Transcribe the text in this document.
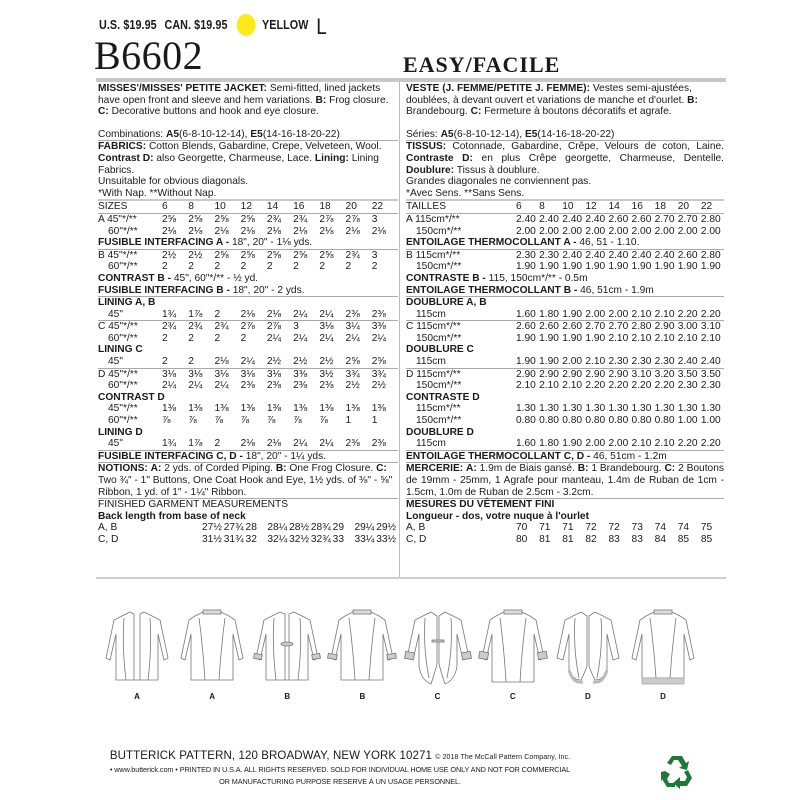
U.S. $19.95 CAN. $19.95	YELLOW L
B6602	EASY/FACILE

MISSES'/MISSES' PETITE JACKET: Semi-fitted, lined jackets have open front and sleeve and hem variations. B: Frog closure. C: Decorative buttons and hook and eye closure.

Combinations: A5(6-8-10-12-14), E5(14-16-18-20-22)

FABRICS: Cotton Blends, Gabardine, Crepe, Velveteen, Wool. Contrast D: also Georgette, Charmeuse, Lace. Lining: Lining Fabrics.

Unsuitable for obvious diagonals.

*With Nap. **Without Nap.

SIZES	6	8	10	12	14	16	18	20	22
A 45"*/**	2⅝	2⅝	2⅝	2⅝	2¾	2¾	2⅞	2⅞	3
60"*/**	2⅛	2⅛	2⅛	2⅛	2⅛	2⅛	2⅛	2⅛	2⅛

FUSIBLE INTERFACING A - 18", 20" - 1⅛ yds.

B 45"*/**	2½	2½	2⅝	2⅝	2⅝	2⅝	2⅝	2¾	3
60"*/**	2	2	2	2	2	2	2	2	2

CONTRAST B - 45", 60"*/** - ½ yd.

FUSIBLE INTERFACING B - 18", 20" - 2 yds.

LINING A, B

45"	1¾	1⅞	2	2⅛	2⅛	2¼	2¼	2⅜	2⅜
C 45"*/**	2¾	2¾	2¾	2⅞	2⅞	3	3⅛	3¼	3⅜
60"*/**	2	2	2	2	2¼	2¼	2¼	2¼	2¼

LINING C

45"	2	2	2⅛	2¼	2½	2½	2½	2⅝	2⅝
D 45"*/**	3⅛	3⅛	3⅛	3⅛	3⅛	3⅜	3½	3¾	3¾
60"*/**	2¼	2¼	2¼	2⅜	2⅜	2⅜	2⅜	2½	2½

CONTRAST D

45"*/**	1⅜	1⅜	1⅜	1⅜	1⅜	1⅜	1⅜	1⅜	1⅜
60"*/**	⅞	⅞	⅞	⅞	⅞	⅞	⅞	1	1

LINING D

45"	1¾	1⅞	2	2⅛	2⅛	2¼	2¼	2⅜	2⅜

FUSIBLE INTERFACING C, D - 18", 20" - 1¼ yds.

NOTIONS: A: 2 yds. of Corded Piping. B: One Frog Closure. C: Two ¾" - 1" Buttons, One Coat Hook and Eye, 1½ yds. of ⅜" - ⅝" Ribbon, 1 yd. of 1" - 1¼" Ribbon.

FINISHED GARMENT MEASUREMENTS

Back length from base of neck

A, B	27½ 27¾ 28	28¼ 28½ 28¾ 29	29¼ 29½
C, D	31½ 31¾ 32	32¼ 32½ 32¾ 33	33¼ 33½

VESTE (J. FEMME/PETITE J. FEMME): Vestes semi-ajustées, doublées, à devant ouvert et variations de manche et d'ourlet. B: Brandebourg. C: Fermeture à boutons décoratifs et agrafe.

Séries: A5(6-8-10-12-14), E5(14-16-18-20-22)

TISSUS: Cotonnade, Gabardine, Crêpe, Velours de coton, Laine. Contraste D: en plus Crêpe georgette, Charmeuse, Dentelle. Doublure: Tissus à doublure.

Grandes diagonales ne conviennent pas.

*Avec Sens. **Sans Sens.

TAILLES	6	8	10	12	14	16	18	20	22
A 115cm*/**	2.40 2.40 2.40 2.40 2.60 2.60 2.70 2.70 2.80
150cm*/**	2.00 2.00 2.00 2.00 2.00 2.00 2.00 2.00 2.00

ENTOILAGE THERMOCOLLANT A - 46, 51 - 1.10.

B 115cm*/**	2.30 2.30 2.40 2.40 2.40 2.40 2.40 2.60 2.80
150cm*/**	1.90 1.90 1.90 1.90 1.90 1.90 1.90 1.90 1.90

CONTRASTE B - 115, 150cm*/** - 0.5m

ENTOILAGE THERMOCOLLANT B - 46, 51cm - 1.9m

DOUBLURE A, B

115cm	1.60 1.80 1.90 2.00 2.00 2.10 2.10 2.20 2.20
C 115cm*/**	2.60 2.60 2.60 2.70 2.70 2.80 2.90 3.00 3.10
150cm*/**	1.90 1.90 1.90 1.90 2.10 2.10 2.10 2.10 2.10

DOUBLURE C

115cm	1.90 1.90 2.00 2.10 2.30 2.30 2.30 2.40 2.40
D 115cm*/**	2.90 2.90 2.90 2.90 2.90 3.10 3.20 3.50 3.50
150cm*/**	2.10 2.10 2.10 2.20 2.20 2.20 2.20 2.30 2.30

CONTRASTE D

115cm*/**	1.30 1.30 1.30 1.30 1.30 1.30 1.30 1.30 1.30
150cm*/**	0.80 0.80 0.80 0.80 0.80 0.80 0.80 1.00 1.00

DOUBLURE D

115cm	1.60 1.80 1.90 2.00 2.00 2.10 2.10 2.20 2.20

ENTOILAGE THERMOCOLLANT C, D - 46, 51cm - 1.2m

MERCERIE: A: 1.9m de Biais gansé. B: 1 Brandebourg. C: 2 Boutons de 19mm - 25mm, 1 Agrafe pour manteau, 1.4m de Ruban de 1cm - 1.5cm, 1.0m de Ruban de 2.5cm - 3.2cm.

MESURES DU VÊTEMENT FINI

Longueur - dos, votre nuque à l'ourlet

A, B	70	71	71	72	72	73	74	74	75
C, D	80	81	81	82	83	83	84	85	85
A	A	B	B	C	C	D	D
BUTTERICK PATTERN, 120 BROADWAY, NEW YORK 10271 © 2018 The McCall Pattern Company, Inc.
• www.butterick.com • PRINTED IN U.S.A. ALL RIGHTS RESERVED. SOLD FOR INDIVIDUAL HOME USE ONLY AND NOT FOR COMMERCIAL
OR MANUFACTURING PURPOSE RESERVE Á UN USAGE PERSONNEL.
